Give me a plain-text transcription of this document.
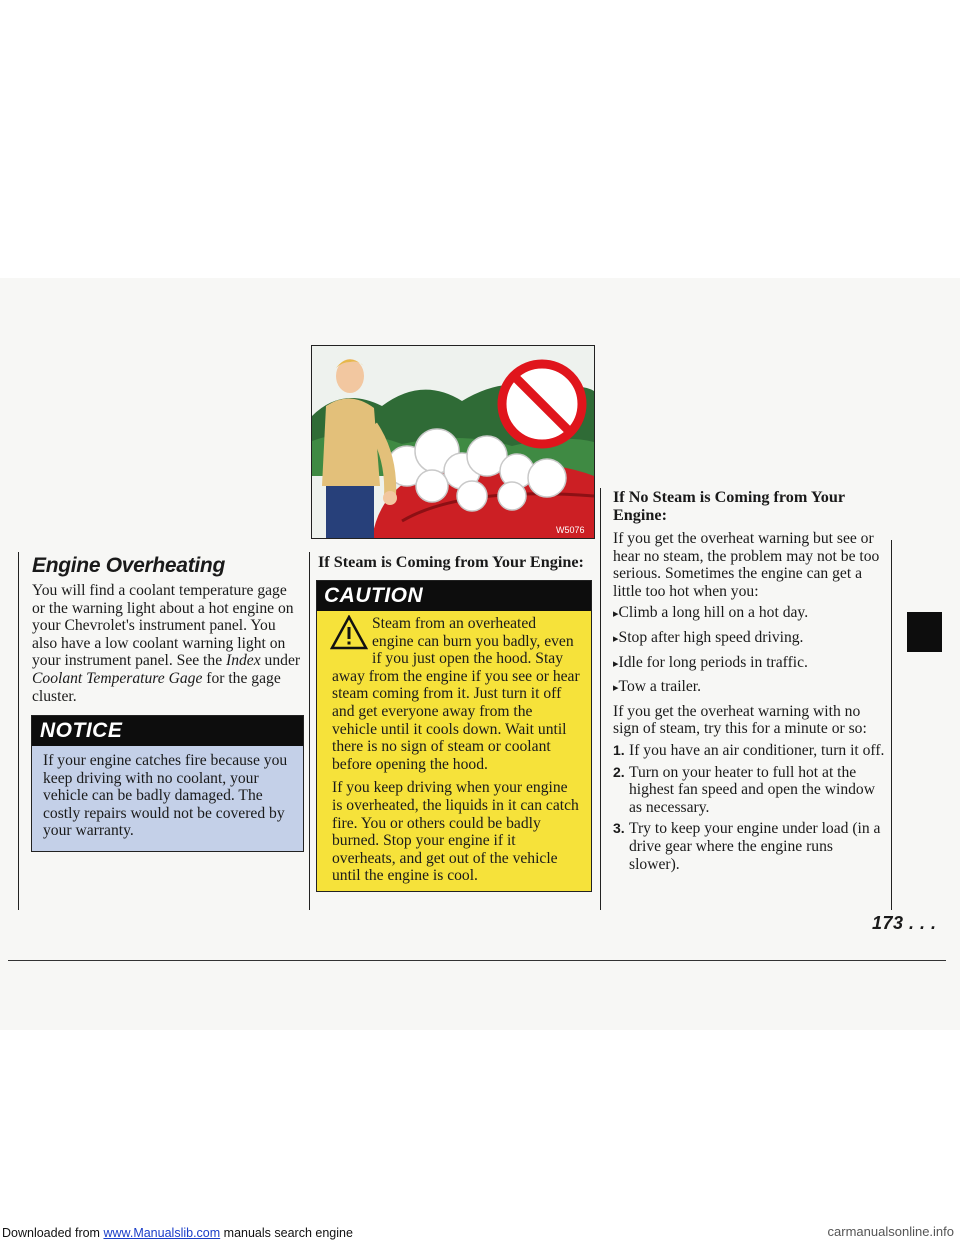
Engine Overheating

You will find a coolant temperature gage or the warning light about a hot engine on your Chevrolet's instrument panel. You also have a low coolant warning light on your instrument panel. See the Index under Coolant Temperature Gage for the gage cluster.

NOTICE
If your engine catches fire because you keep driving with no coolant, your vehicle can be badly damaged. The costly repairs would not be covered by your warranty.
W5076
If Steam is Coming from Your Engine:
CAUTION

Steam from an overheated engine can burn you badly, even if you just open the hood. Stay away from the engine if you see or hear steam coming from it. Just turn it off and get everyone away from the vehicle until it cools down. Wait until there is no sign of steam or coolant before opening the hood.

If you keep driving when your engine is overheated, the liquids in it can catch fire. You or others could be badly burned. Stop your engine if it overheats, and get out of the vehicle until the engine is cool.

If No Steam is Coming from Your Engine:

If you get the overheat warning but see or hear no steam, the problem may not be too serious. Sometimes the engine can get a little too hot when you:

▸ Climb a long hill on a hot day.
▸ Stop after high speed driving.
▸ Idle for long periods in traffic.
▸ Tow a trailer.

If you get the overheat warning with no sign of steam, try this for a minute or so:

1. If you have an air conditioner, turn it off.
2. Turn on your heater to full hot at the highest fan speed and open the window as necessary.
3. Try to keep your engine under load (in a drive gear where the engine runs slower).
173 . . .
Downloaded from www.Manualslib.com manuals search engine	carmanualsonline.info
